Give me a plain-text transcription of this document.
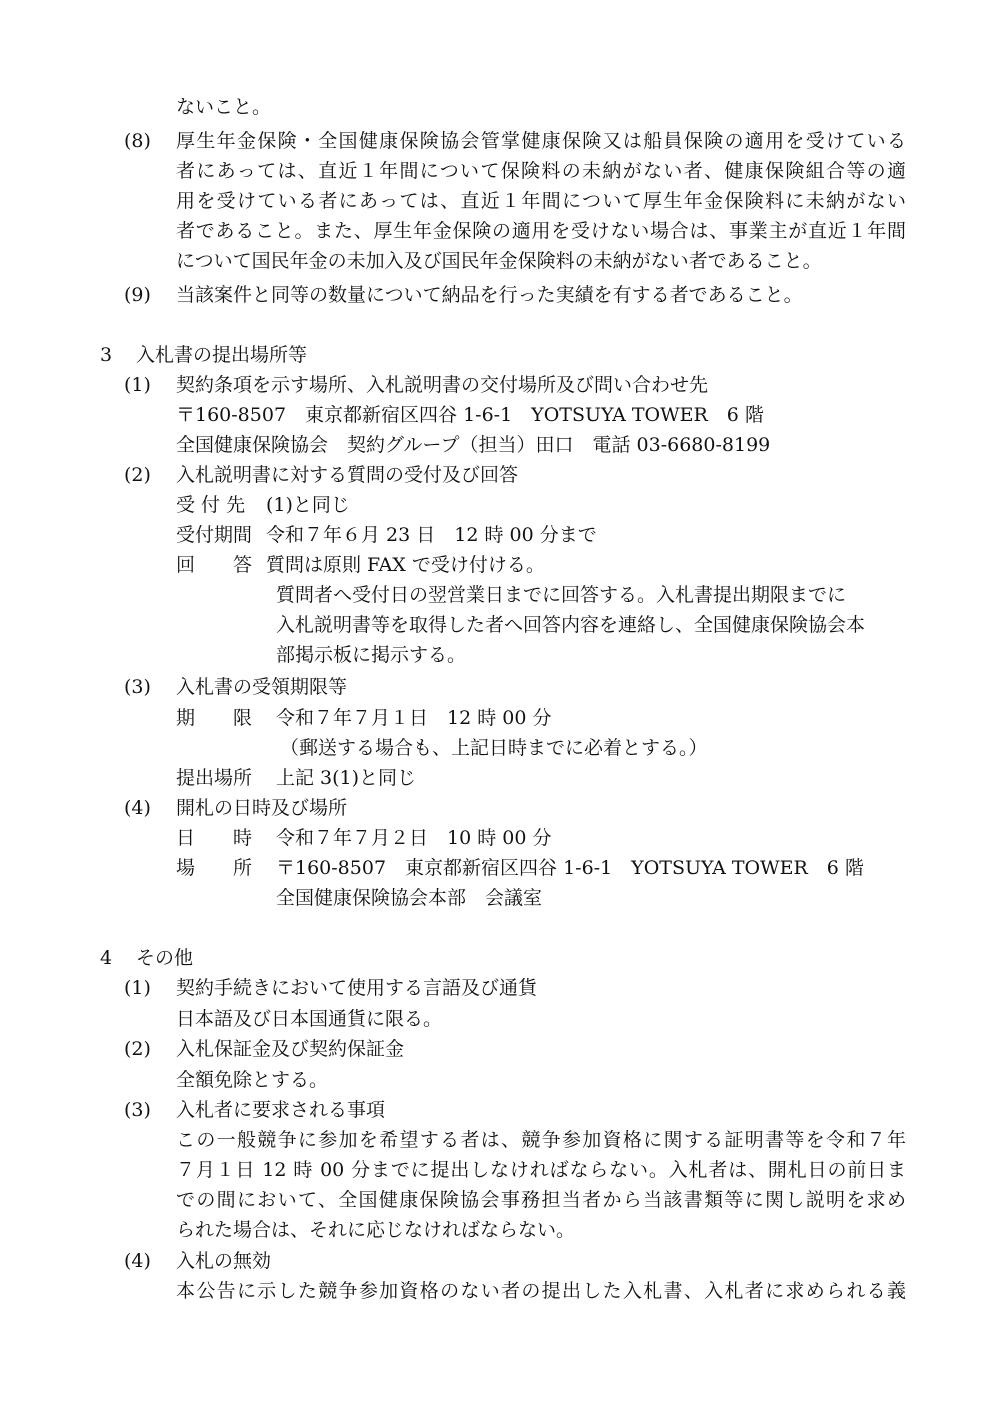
ないこと。
(8) 厚生年金保険・全国健康保険協会管掌健康保険又は船員保険の適用を受けている
者にあっては、直近１年間について保険料の未納がない者、健康保険組合等の適
用を受けている者にあっては、直近１年間について厚生年金保険料に未納がない
者であること。また、厚生年金保険の適用を受けない場合は、事業主が直近１年間
について国民年金の未加入及び国民年金保険料の未納がない者であること。
(9) 当該案件と同等の数量について納品を行った実績を有する者であること。
3 入札書の提出場所等
(1) 契約条項を示す場所、入札説明書の交付場所及び問い合わせ先
〒160-8507　東京都新宿区四谷 1-6-1　YOTSUYA TOWER　6 階
全国健康保険協会　契約グループ（担当）田口　電話 03-6680-8199
(2) 入札説明書に対する質問の受付及び回答
受 付 先 (1)と同じ
受付期間 令和７年６月 23 日　12 時 00 分まで
回　　答 質問は原則 FAX で受け付ける。
質問者へ受付日の翌営業日までに回答する。入札書提出期限までに
入札説明書等を取得した者へ回答内容を連絡し、全国健康保険協会本
部掲示板に掲示する。
(3) 入札書の受領期限等
期　　限 令和７年７月１日　12 時 00 分
（郵送する場合も、上記日時までに必着とする。）
提出場所 上記 3(1)と同じ
(4) 開札の日時及び場所
日　　時 令和７年７月２日　10 時 00 分
場　　所 〒160-8507　東京都新宿区四谷 1-6-1　YOTSUYA TOWER　6 階
全国健康保険協会本部　会議室
4 その他
(1) 契約手続きにおいて使用する言語及び通貨
日本語及び日本国通貨に限る。
(2) 入札保証金及び契約保証金
全額免除とする。
(3) 入札者に要求される事項
この一般競争に参加を希望する者は、競争参加資格に関する証明書等を令和７年
７月１日 12 時 00 分までに提出しなければならない。入札者は、開札日の前日ま
での間において、全国健康保険協会事務担当者から当該書類等に関し説明を求め
られた場合は、それに応じなければならない。
(4) 入札の無効
本公告に示した競争参加資格のない者の提出した入札書、入札者に求められる義
